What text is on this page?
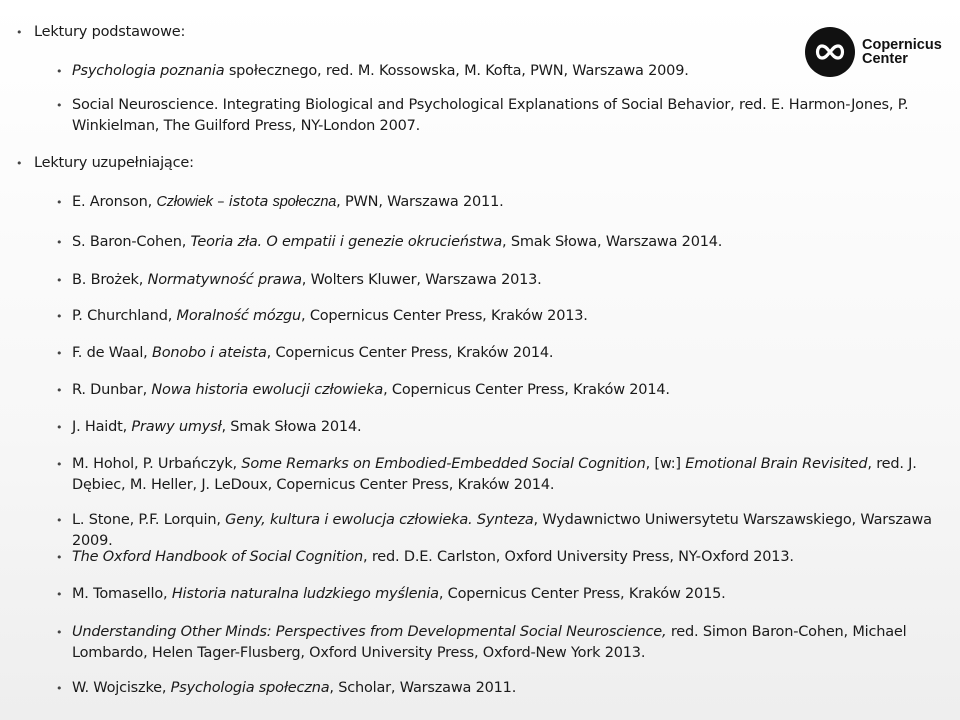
Copernicus
Center
• Lektury podstawowe:
• Psychologia poznania społecznego, red. M. Kossowska, M. Kofta, PWN, Warszawa 2009.
• Social Neuroscience. Integrating Biological and Psychological Explanations of Social Behavior, red. E. Harmon-Jones, P. Winkielman, The Guilford Press, NY-London 2007.
• Lektury uzupełniające:
• E. Aronson, Człowiek – istota społeczna, PWN, Warszawa 2011.
• S. Baron-Cohen, Teoria zła. O empatii i genezie okrucieństwa, Smak Słowa, Warszawa 2014.
• B. Brożek, Normatywność prawa, Wolters Kluwer, Warszawa 2013.
• P. Churchland, Moralność mózgu, Copernicus Center Press, Kraków 2013.
• F. de Waal, Bonobo i ateista, Copernicus Center Press, Kraków 2014.
• R. Dunbar, Nowa historia ewolucji człowieka, Copernicus Center Press, Kraków 2014.
• J. Haidt, Prawy umysł, Smak Słowa 2014.
• M. Hohol, P. Urbańczyk, Some Remarks on Embodied-Embedded Social Cognition, [w:] Emotional Brain Revisited, red. J. Dębiec, M. Heller, J. LeDoux, Copernicus Center Press, Kraków 2014.
• L. Stone, P.F. Lorquin, Geny, kultura i ewolucja człowieka. Synteza, Wydawnictwo Uniwersytetu Warszawskiego, Warszawa 2009.
• The Oxford Handbook of Social Cognition, red. D.E. Carlston, Oxford University Press, NY-Oxford 2013.
• M. Tomasello, Historia naturalna ludzkiego myślenia, Copernicus Center Press, Kraków 2015.
• Understanding Other Minds: Perspectives from Developmental Social Neuroscience, red. Simon Baron-Cohen, Michael Lombardo, Helen Tager-Flusberg, Oxford University Press, Oxford-New York 2013.
• W. Wojciszke, Psychologia społeczna, Scholar, Warszawa 2011.
